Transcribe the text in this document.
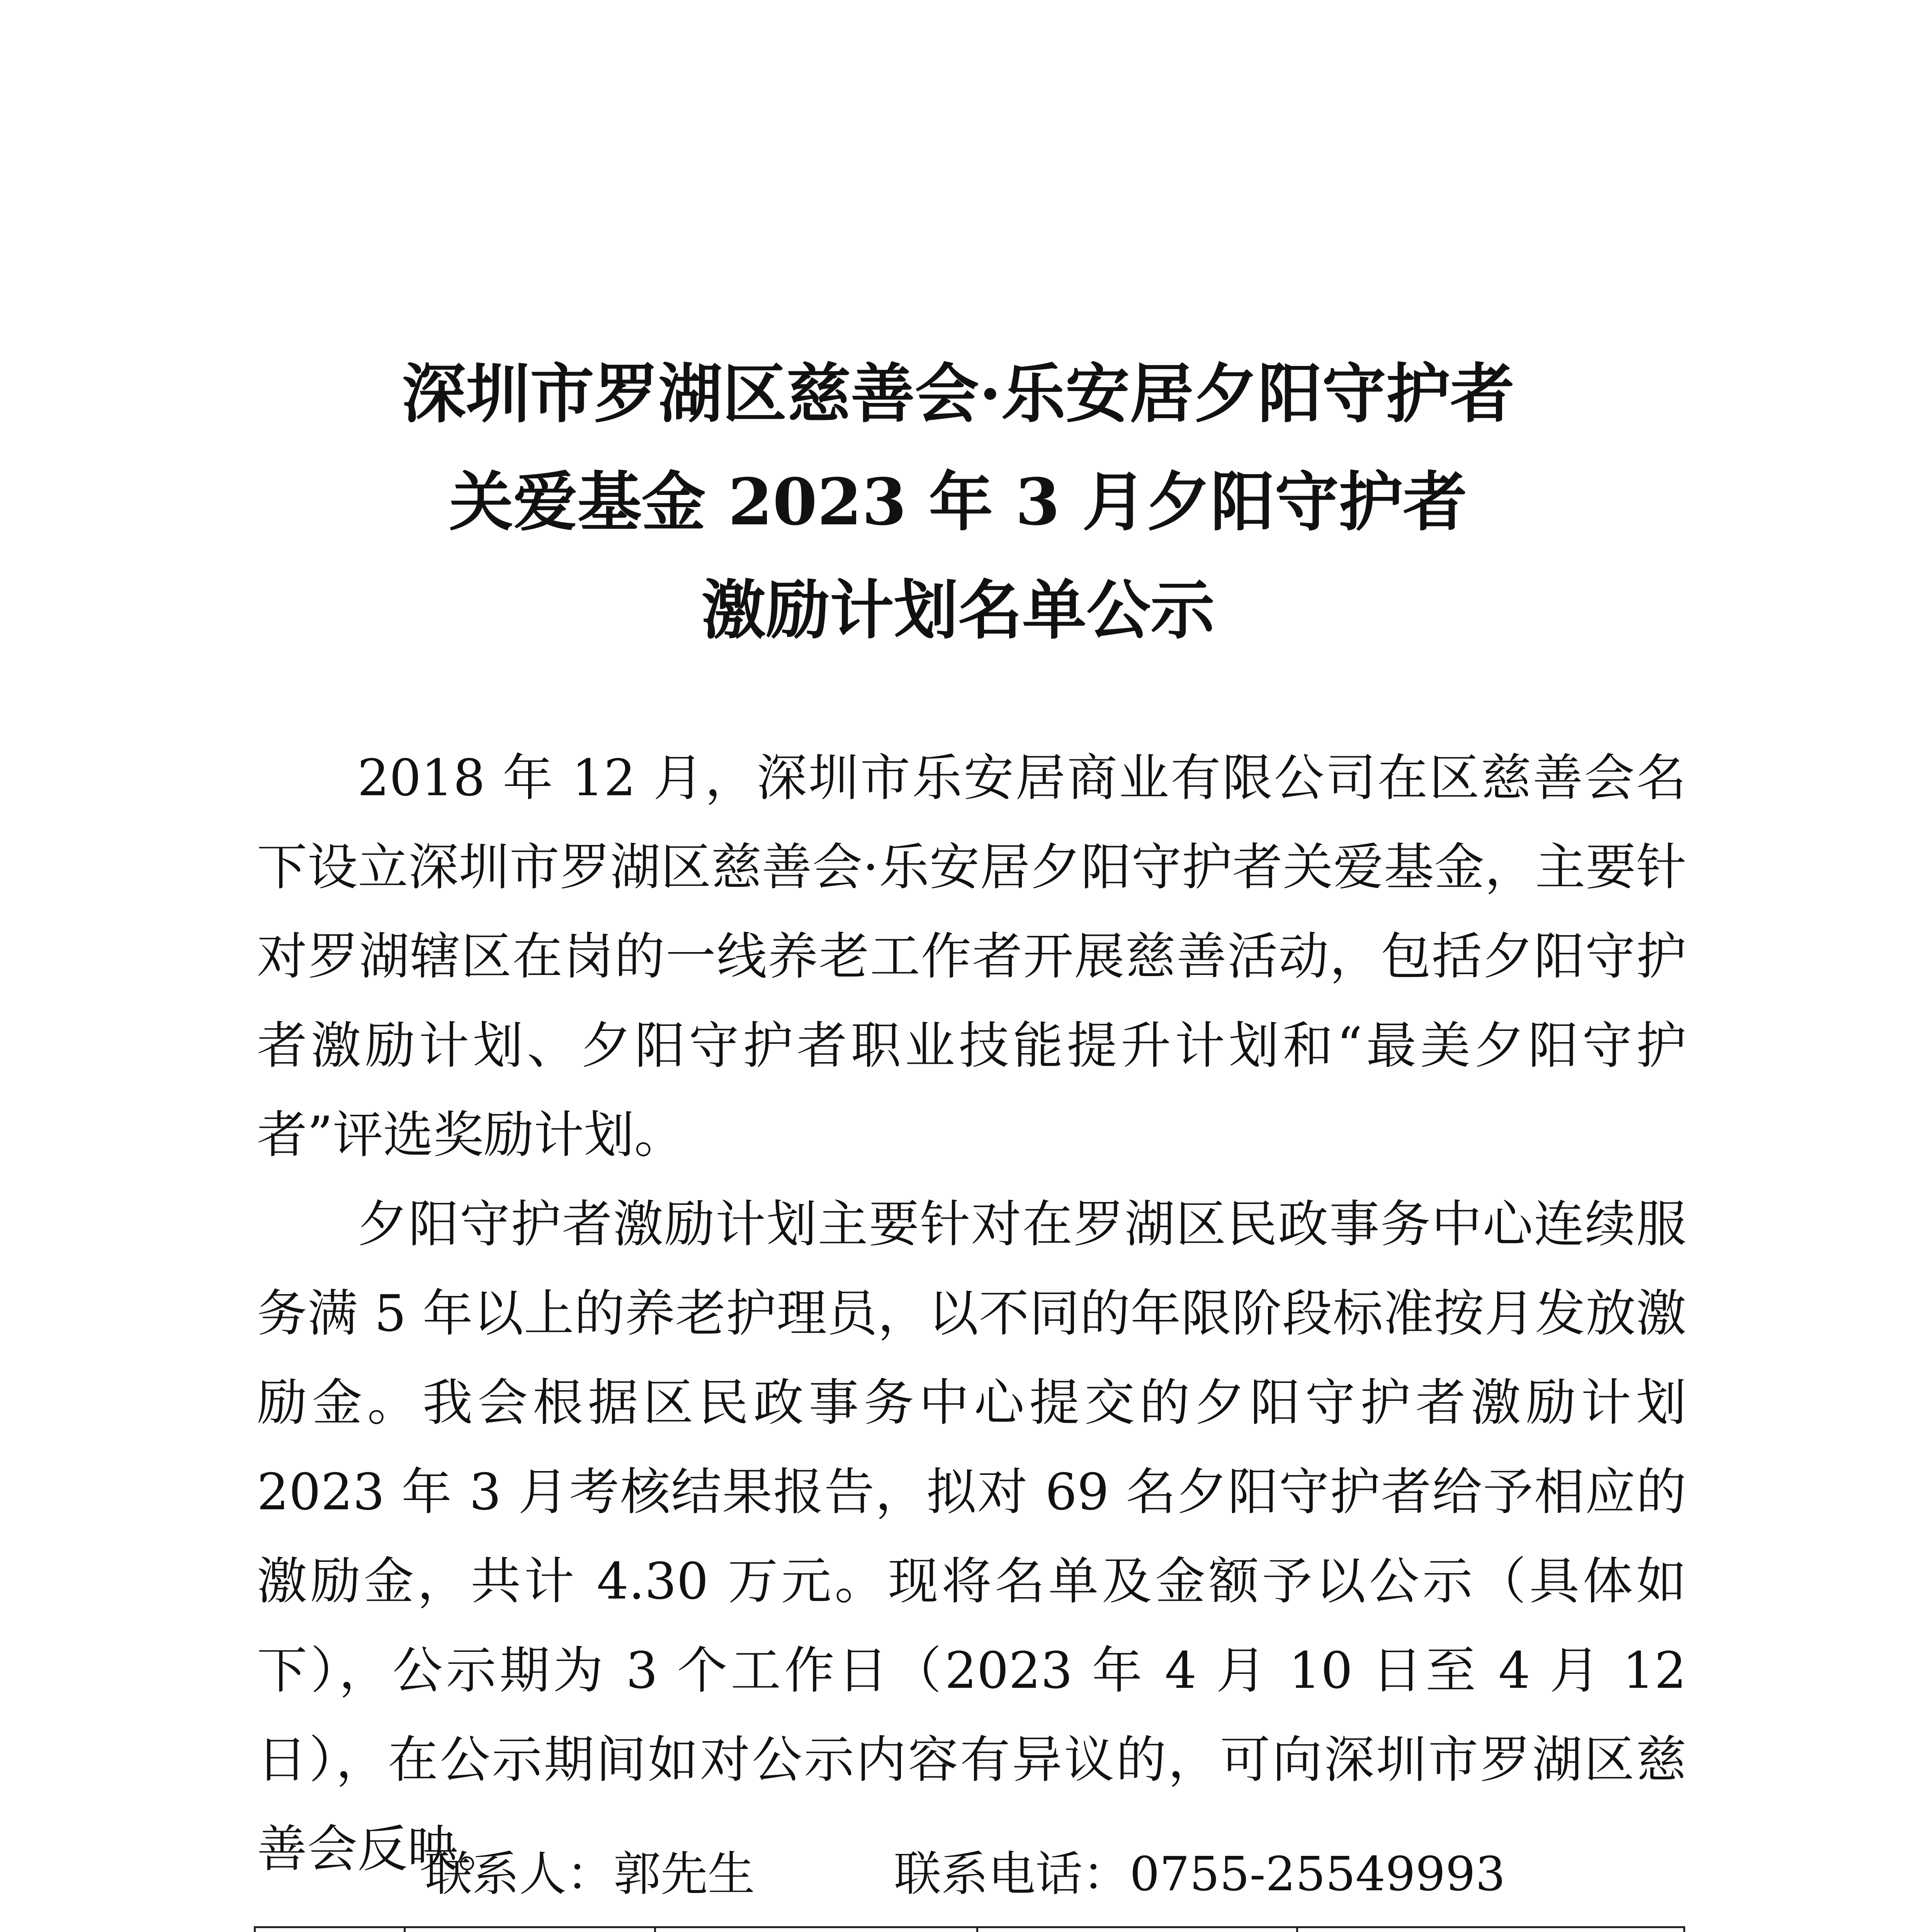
深圳市罗湖区慈善会·乐安居夕阳守护者
关爱基金 2023 年 3 月夕阳守护者
激励计划名单公示

2018 年 12 月，深圳市乐安居商业有限公司在区慈善会名下设立深圳市罗湖区慈善会·乐安居夕阳守护者关爱基金，主要针对罗湖辖区在岗的一线养老工作者开展慈善活动，包括夕阳守护者激励计划、夕阳守护者职业技能提升计划和“最美夕阳守护者”评选奖励计划。

夕阳守护者激励计划主要针对在罗湖区民政事务中心连续服务满 5 年以上的养老护理员，以不同的年限阶段标准按月发放激励金。我会根据区民政事务中心提交的夕阳守护者激励计划 2023 年 3 月考核结果报告，拟对 69 名夕阳守护者给予相应的激励金，共计 4.30 万元。现将名单及金额予以公示（具体如下），公示期为 3 个工作日（2023 年 4 月 10 日至 4 月 12 日），在公示期间如对公示内容有异议的，可向深圳市罗湖区慈善会反映。

联系人：郭先生	联系电话：0755-25549993
